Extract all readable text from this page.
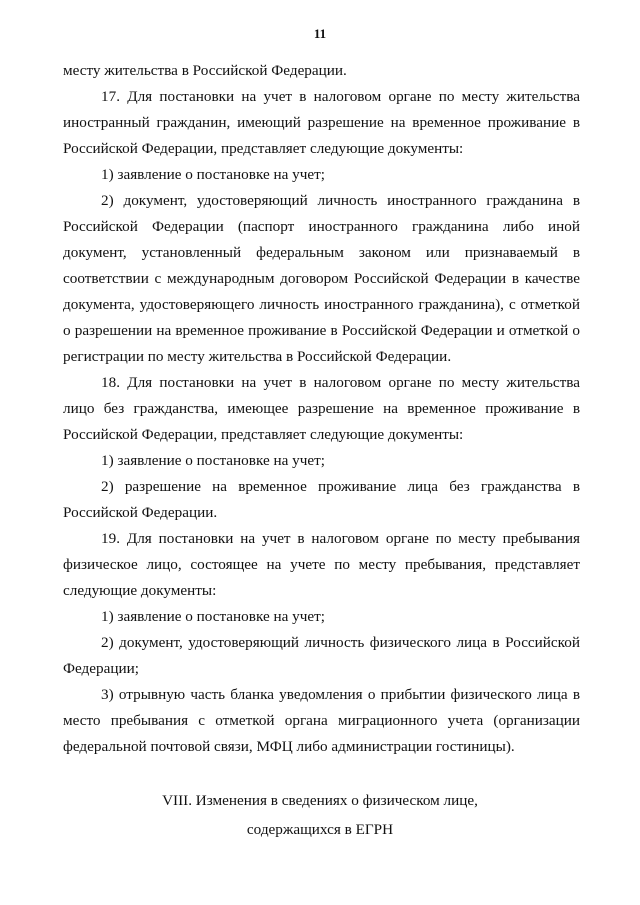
11

месту жительства в Российской Федерации.

17. Для постановки на учет в налоговом органе по месту жительства иностранный гражданин, имеющий разрешение на временное проживание в Российской Федерации, представляет следующие документы:

1) заявление о постановке на учет;

2) документ, удостоверяющий личность иностранного гражданина в Российской Федерации (паспорт иностранного гражданина либо иной документ, установленный федеральным законом или признаваемый в соответствии с международным договором Российской Федерации в качестве документа, удостоверяющего личность иностранного гражданина), с отметкой о разрешении на временное проживание в Российской Федерации и отметкой о регистрации по месту жительства в Российской Федерации.

18. Для постановки на учет в налоговом органе по месту жительства лицо без гражданства, имеющее разрешение на временное проживание в Российской Федерации, представляет следующие документы:

1) заявление о постановке на учет;

2) разрешение на временное проживание лица без гражданства в Российской Федерации.

19. Для постановки на учет в налоговом органе по месту пребывания физическое лицо, состоящее на учете по месту пребывания, представляет следующие документы:

1) заявление о постановке на учет;

2) документ, удостоверяющий личность физического лица в Российской Федерации;

3) отрывную часть бланка уведомления о прибытии физического лица в место пребывания с отметкой органа миграционного учета (организации федеральной почтовой связи, МФЦ либо администрации гостиницы).

VIII. Изменения в сведениях о физическом лице,
содержащихся в ЕГРН
